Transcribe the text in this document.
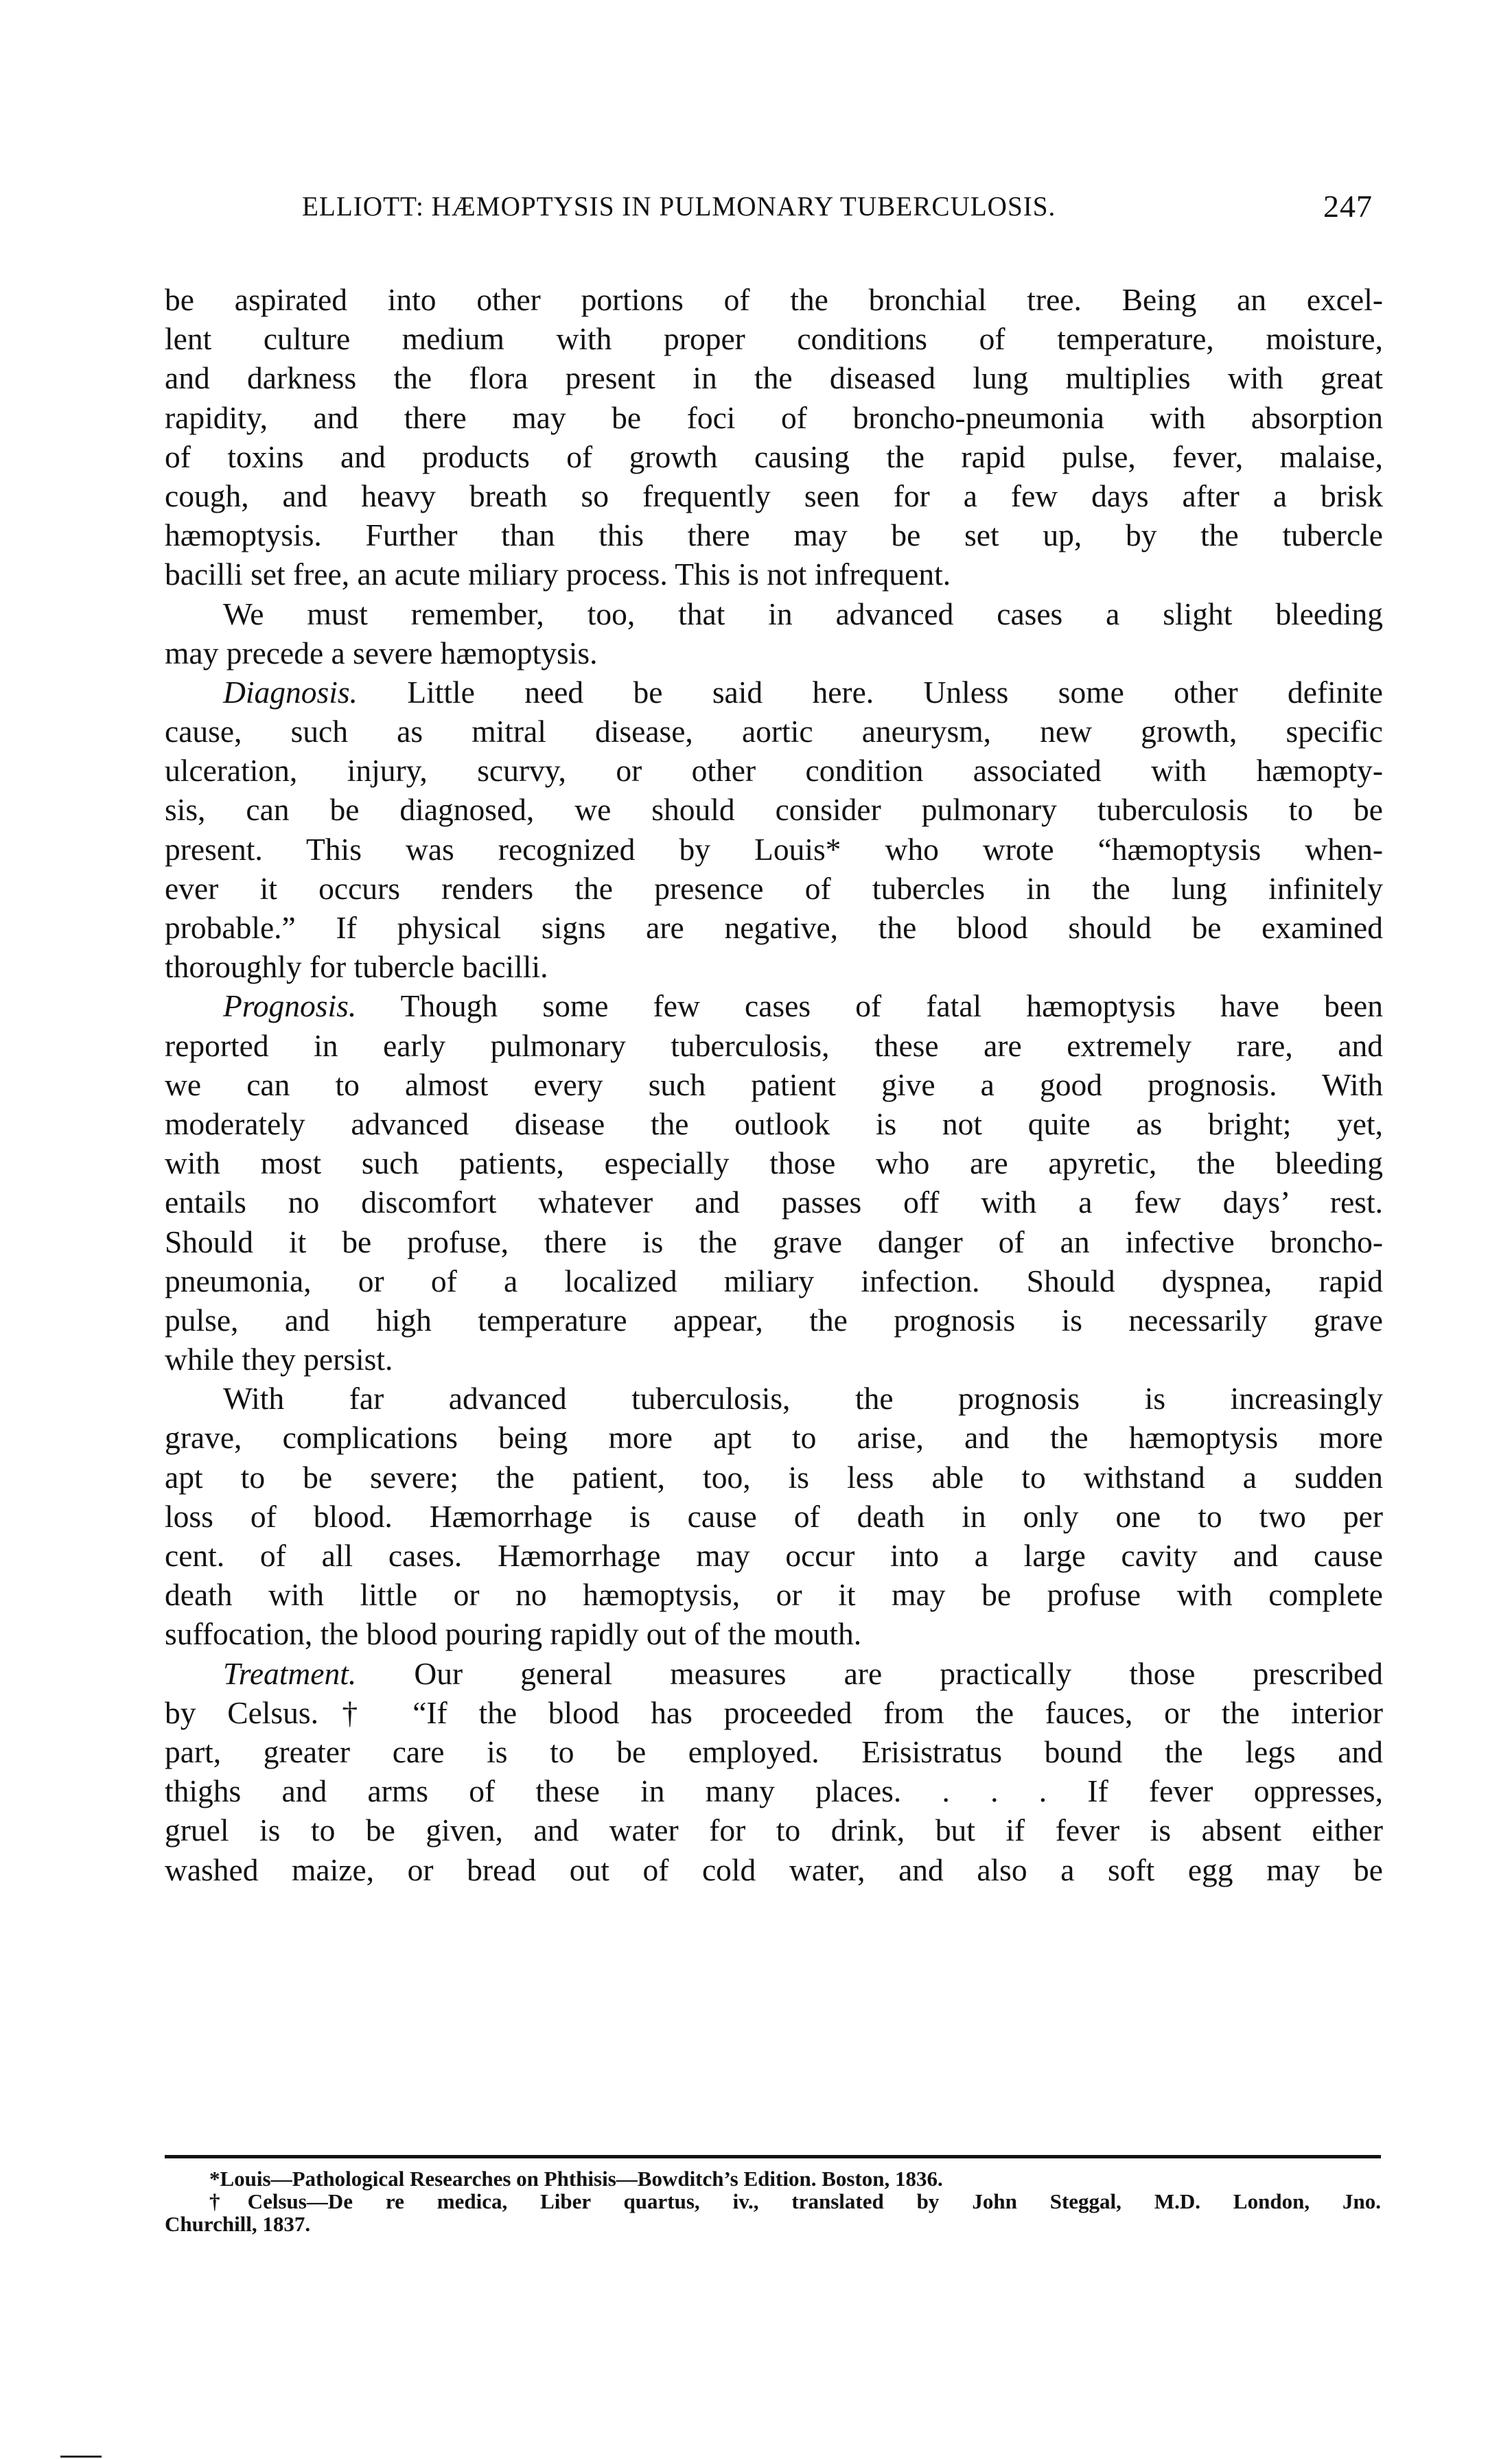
ELLIOTT: HÆMOPTYSIS IN PULMONARY TUBERCULOSIS.	247
be aspirated into other portions of the bronchial tree. Being an excel-
lent culture medium with proper conditions of temperature, moisture,
and darkness the flora present in the diseased lung multiplies with great
rapidity, and there may be foci of broncho-pneumonia with absorption
of toxins and products of growth causing the rapid pulse, fever, malaise,
cough, and heavy breath so frequently seen for a few days after a brisk
hæmoptysis. Further than this there may be set up, by the tubercle
bacilli set free, an acute miliary process. This is not infrequent.
We must remember, too, that in advanced cases a slight bleeding
may precede a severe hæmoptysis.
Diagnosis. Little need be said here. Unless some other definite
cause, such as mitral disease, aortic aneurysm, new growth, specific
ulceration, injury, scurvy, or other condition associated with hæmopty-
sis, can be diagnosed, we should consider pulmonary tuberculosis to be
present. This was recognized by Louis* who wrote “hæmoptysis when-
ever it occurs renders the presence of tubercles in the lung infinitely
probable.” If physical signs are negative, the blood should be examined
thoroughly for tubercle bacilli.
Prognosis. Though some few cases of fatal hæmoptysis have been
reported in early pulmonary tuberculosis, these are extremely rare, and
we can to almost every such patient give a good prognosis. With
moderately advanced disease the outlook is not quite as bright; yet,
with most such patients, especially those who are apyretic, the bleeding
entails no discomfort whatever and passes off with a few days’ rest.
Should it be profuse, there is the grave danger of an infective broncho-
pneumonia, or of a localized miliary infection. Should dyspnea, rapid
pulse, and high temperature appear, the prognosis is necessarily grave
while they persist.
With far advanced tuberculosis, the prognosis is increasingly
grave, complications being more apt to arise, and the hæmoptysis more
apt to be severe; the patient, too, is less able to withstand a sudden
loss of blood. Hæmorrhage is cause of death in only one to two per
cent. of all cases. Hæmorrhage may occur into a large cavity and cause
death with little or no hæmoptysis, or it may be profuse with complete
suffocation, the blood pouring rapidly out of the mouth.
Treatment. Our general measures are practically those prescribed
by Celsus.† “If the blood has proceeded from the fauces, or the interior
part, greater care is to be employed. Erisistratus bound the legs and
thighs and arms of these in many places. . . . If fever oppresses,
gruel is to be given, and water for to drink, but if fever is absent either
washed maize, or bread out of cold water, and also a soft egg may be
*Louis—Pathological Researches on Phthisis—Bowditch’s Edition. Boston, 1836.
†Celsus—De re medica, Liber quartus, iv., translated by John Steggal, M.D. London, Jno.
Churchill, 1837.
